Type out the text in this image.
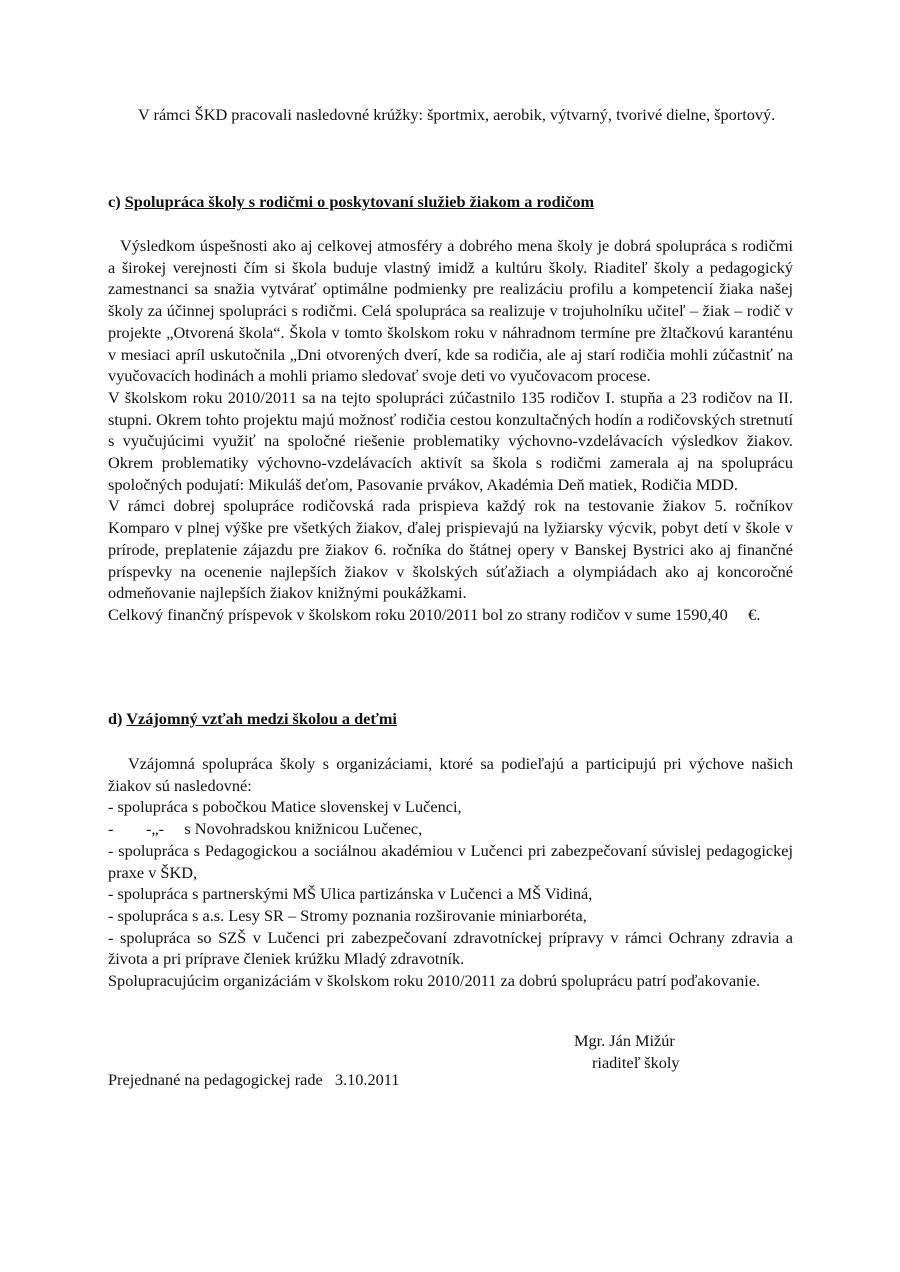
V rámci ŠKD pracovali nasledovné krúžky: športmix, aerobik, výtvarný, tvorivé dielne, športový.

c) Spolupráca školy s rodičmi o poskytovaní služieb žiakom a rodičom

Výsledkom úspešnosti ako aj celkovej atmosféry a dobrého mena školy je dobrá spolupráca s rodičmi a širokej verejnosti čím si škola buduje vlastný imidž a kultúru školy. Riaditeľ školy a pedagogický zamestnanci sa snažia vytvárať optimálne podmienky pre realizáciu profilu a kompetencií žiaka našej školy za účinnej spolupráci s rodičmi. Celá spolupráca sa realizuje v trojuholníku učiteľ – žiak – rodič v projekte „Otvorená škola“. Škola v tomto školskom roku v náhradnom termíne pre žltačkovú karanténu v mesiaci apríl uskutočnila „Dni otvorených dverí, kde sa rodičia, ale aj starí rodičia mohli zúčastniť na vyučovacích hodinách a mohli priamo sledovať svoje deti vo vyučovacom procese.

V školskom roku 2010/2011 sa na tejto spolupráci zúčastnilo 135 rodičov I. stupňa a 23 rodičov na II. stupni. Okrem tohto projektu majú možnosť rodičia cestou konzultačných hodín a rodičovských stretnutí s vyučujúcimi využiť na spoločné riešenie problematiky výchovno-vzdelávacích výsledkov žiakov. Okrem problematiky výchovno-vzdelávacích aktivít sa škola s rodičmi zamerala aj na spoluprácu spoločných podujatí: Mikuláš deťom, Pasovanie prvákov, Akadémia Deň matiek, Rodičia MDD.

V rámci dobrej spolupráce rodičovská rada prispieva každý rok na testovanie žiakov 5. ročníkov Komparo v plnej výške pre všetkých žiakov, ďalej prispievajú na lyžiarsky výcvik, pobyt detí v škole v prírode, preplatenie zájazdu pre žiakov 6. ročníka do štátnej opery v Banskej Bystrici ako aj finančné príspevky na ocenenie najlepších žiakov v školských súťažiach a olympiádach ako aj koncoročné odmeňovanie najlepších žiakov knižnými poukážkami.

Celkový finančný príspevok v školskom roku 2010/2011 bol zo strany rodičov v sume 1590,40     €.

d) Vzájomný vzťah medzi školou a deťmi

Vzájomná spolupráca školy s organizáciami, ktoré sa podieľajú a participujú pri výchove našich žiakov sú nasledovné:

- spolupráca s pobočkou Matice slovenskej v Lučenci,
-        -„-     s Novohradskou knižnicou Lučenec,
- spolupráca s Pedagogickou a sociálnou akadémiou v Lučenci pri zabezpečovaní súvislej pedagogickej praxe v ŠKD,
- spolupráca s partnerskými MŠ Ulica partizánska v Lučenci a MŠ Vidiná,
- spolupráca s a.s. Lesy SR – Stromy poznania rozširovanie miniarboréta,
- spolupráca so SZŠ v Lučenci pri zabezpečovaní zdravotníckej prípravy v rámci Ochrany zdravia a života a pri príprave členiek krúžku Mladý zdravotník.

Spolupracujúcim organizáciám v školskom roku 2010/2011 za dobrú spoluprácu patrí poďakovanie.

Prejednané na pedagogickej rade   3.10.2011
Mgr. Ján Mižúr
riaditeľ školy
